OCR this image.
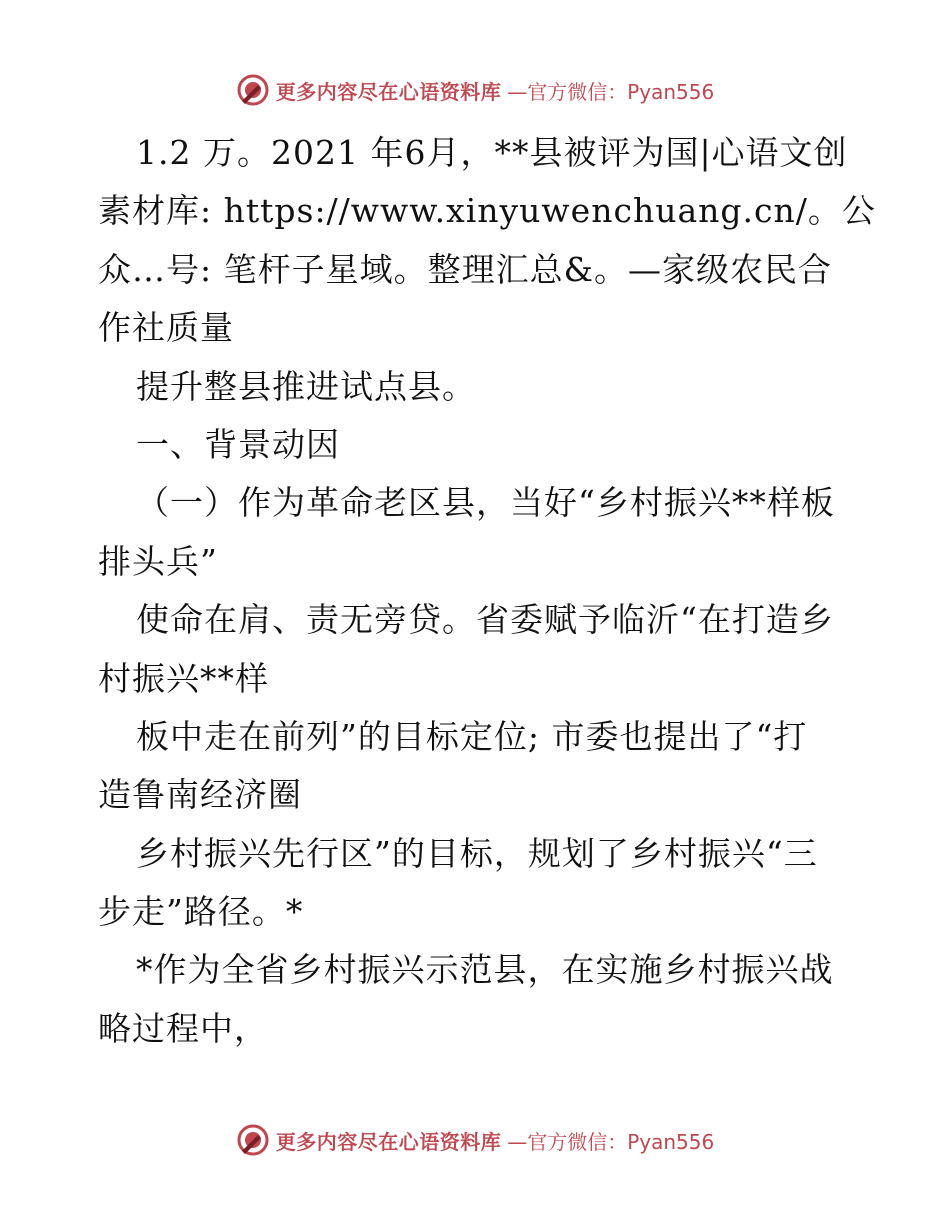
更多内容尽在心语资料库 —官方微信：Pyan556
1.2 万。2021 年6月，**县被评为国|心语文创
素材库: https://www.xinyuwenchuang.cn/。公
众…号: 笔杆子星域。整理汇总&。—家级农民合
作社质量
提升整县推进试点县。
一、背景动因
（一）作为革命老区县，当好“乡村振兴**样板
排头兵”
使命在肩、责无旁贷。省委赋予临沂“在打造乡
村振兴**样
板中走在前列”的目标定位; 市委也提出了“打
造鲁南经济圈
乡村振兴先行区”的目标，规划了乡村振兴“三
步走”路径。*
*作为全省乡村振兴示范县，在实施乡村振兴战
略过程中，
更多内容尽在心语资料库 —官方微信：Pyan556
